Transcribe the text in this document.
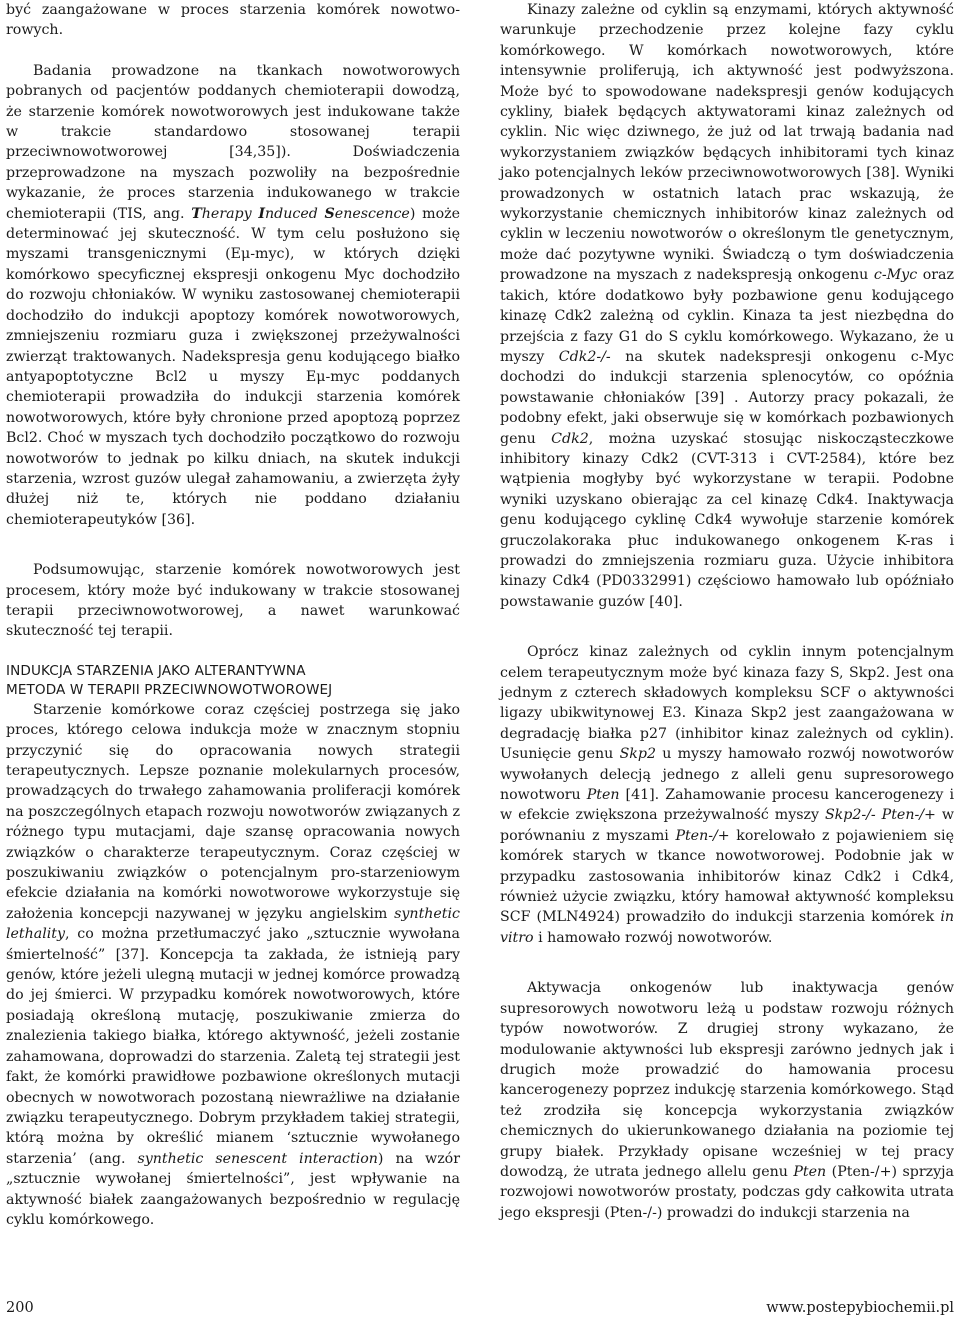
być zaangażowane w proces starzenia komórek nowotwo-rowych.

Badania prowadzone na tkankach nowotworowych pobranych od pacjentów poddanych chemioterapii dowodzą, że starzenie komórek nowotworowych jest indukowane także w trakcie standardowo stosowanej terapii przeciwnowotworowej [34,35]). Doświadczenia przeprowadzone na myszach pozwoliły na bezpośrednie wykazanie, że proces starzenia indukowanego w trakcie chemioterapii (TIS, ang. Therapy Induced Senescence) może determinować jej skuteczność. W tym celu posłużono się myszami transgenicznymi (Eμ-myc), w których dzięki komórkowo specyficznej ekspresji onkogenu Myc dochodziło do rozwoju chłoniaków. W wyniku zastosowanej chemioterapii dochodziło do indukcji apoptozy komórek nowotworowych, zmniejszeniu rozmiaru guza i zwiększonej przeżywalności zwierząt traktowanych. Nadekspresja genu kodującego białko antyapoptotyczne Bcl2 u myszy Eμ-myc poddanych chemioterapii prowadziła do indukcji starzenia komórek nowotworowych, które były chronione przed apoptozą poprzez Bcl2. Choć w myszach tych dochodziło początkowo do rozwoju nowotworów to jednak po kilku dniach, na skutek indukcji starzenia, wzrost guzów ulegał zahamowaniu, a zwierzęta żyły dłużej niż te, których nie poddano działaniu chemioterapeutyków [36].

Podsumowując, starzenie komórek nowotworowych jest procesem, który może być indukowany w trakcie stosowanej terapii przeciwnowotworowej, a nawet warunkować skuteczność tej terapii.

INDUKCJA STARZENIA JAKO ALTERANTYWNA
METODA W TERAPII PRZECIWNOWOTWOROWEJ

Starzenie komórkowe coraz częściej postrzega się jako proces, którego celowa indukcja może w znacznym stopniu przyczynić się do opracowania nowych strategii terapeutycznych. Lepsze poznanie molekularnych procesów, prowadzących do trwałego zahamowania proliferacji komórek na poszczególnych etapach rozwoju nowotworów związanych z różnego typu mutacjami, daje szansę opracowania nowych związków o charakterze terapeutycznym. Coraz częściej w poszukiwaniu związków o potencjalnym pro-starzeniowym efekcie działania na komórki nowotworowe wykorzystuje się założenia koncepcji nazywanej w języku angielskim synthetic lethality, co można przetłumaczyć jako „sztucznie wywołana śmiertelność” [37]. Koncepcja ta zakłada, że istnieją pary genów, które jeżeli ulegną mutacji w jednej komórce prowadzą do jej śmierci. W przypadku komórek nowotworowych, które posiadają określoną mutację, poszukiwanie zmierza do znalezienia takiego białka, którego aktywność, jeżeli zostanie zahamowana, doprowadzi do starzenia. Zaletą tej strategii jest fakt, że komórki prawidłowe pozbawione określonych mutacji obecnych w nowotworach pozostaną niewrażliwe na działanie związku terapeutycznego. Dobrym przykładem takiej strategii, którą można by określić mianem ‘sztucznie wywołanego starzenia’ (ang. synthetic senescent interaction) na wzór „sztucznie wywołanej śmiertelności”, jest wpływanie na aktywność białek zaangażowanych bezpośrednio w regulację cyklu komórkowego.

Kinazy zależne od cyklin są enzymami, których aktywność warunkuje przechodzenie przez kolejne fazy cyklu komórkowego. W komórkach nowotworowych, które intensywnie proliferują, ich aktywność jest podwyższona. Może być to spowodowane nadekspresji genów kodujących cykliny, białek będących aktywatorami kinaz zależnych od cyklin. Nic więc dziwnego, że już od lat trwają badania nad wykorzystaniem związków będących inhibitorami tych kinaz jako potencjalnych leków przeciwnowotworowych [38]. Wyniki prowadzonych w ostatnich latach prac wskazują, że wykorzystanie chemicznych inhibitorów kinaz zależnych od cyklin w leczeniu nowotworów o określonym tle genetycznym, może dać pozytywne wyniki. Świadczą o tym doświadczenia prowadzone na myszach z nadekspresją onkogenu c-Myc oraz takich, które dodatkowo były pozbawione genu kodującego kinazę Cdk2 zależną od cyklin. Kinaza ta jest niezbędna do przejścia z fazy G1 do S cyklu komórkowego. Wykazano, że u myszy Cdk2-/- na skutek nadekspresji onkogenu c-Myc dochodzi do indukcji starzenia splenocytów, co opóźnia powstawanie chłoniaków [39] . Autorzy pracy pokazali, że podobny efekt, jaki obserwuje się w komórkach pozbawionych genu Cdk2, można uzyskać stosując niskocząsteczkowe inhibitory kinazy Cdk2 (CVT-313 i CVT-2584), które bez wątpienia mogłyby być wykorzystane w terapii. Podobne wyniki uzyskano obierając za cel kinazę Cdk4. Inaktywacja genu kodującego cyklinę Cdk4 wywołuje starzenie komórek gruczolakoraka płuc indukowanego onkogenem K-ras i prowadzi do zmniejszenia rozmiaru guza. Użycie inhibitora kinazy Cdk4 (PD0332991) częściowo hamowało lub opóźniało powstawanie guzów [40].

Oprócz kinaz zależnych od cyklin innym potencjalnym celem terapeutycznym może być kinaza fazy S, Skp2. Jest ona jednym z czterech składowych kompleksu SCF o aktywności ligazy ubikwitynowej E3. Kinaza Skp2 jest zaangażowana w degradację białka p27 (inhibitor kinaz zależnych od cyklin). Usunięcie genu Skp2 u myszy hamowało rozwój nowotworów wywołanych delecją jednego z alleli genu supresorowego nowotworu Pten [41]. Zahamowanie procesu kancerogenezy i w efekcie zwiększona przeżywalność myszy Skp2-/- Pten-/+ w porównaniu z myszami Pten-/+ korelowało z pojawieniem się komórek starych w tkance nowotworowej. Podobnie jak w przypadku zastosowania inhibitorów kinaz Cdk2 i Cdk4, również użycie związku, który hamował aktywność kompleksu SCF (MLN4924) prowadziło do indukcji starzenia komórek in vitro i hamowało rozwój nowotworów.

Aktywacja onkogenów lub inaktywacja genów supresorowych nowotworu leżą u podstaw rozwoju różnych typów nowotworów. Z drugiej strony wykazano, że modulowanie aktywności lub ekspresji zarówno jednych jak i drugich może prowadzić do hamowania procesu kancerogenezy poprzez indukcję starzenia komórkowego. Stąd też zrodziła się koncepcja wykorzystania związków chemicznych do ukierunkowanego działania na poziomie tej grupy białek. Przykłady opisane wcześniej w tej pracy dowodzą, że utrata jednego allelu genu Pten (Pten-/+) sprzyja rozwojowi nowotworów prostaty, podczas gdy całkowita utrata jego ekspresji (Pten-/-) prowadzi do indukcji starzenia na

200	www.postepybiochemii.pl
